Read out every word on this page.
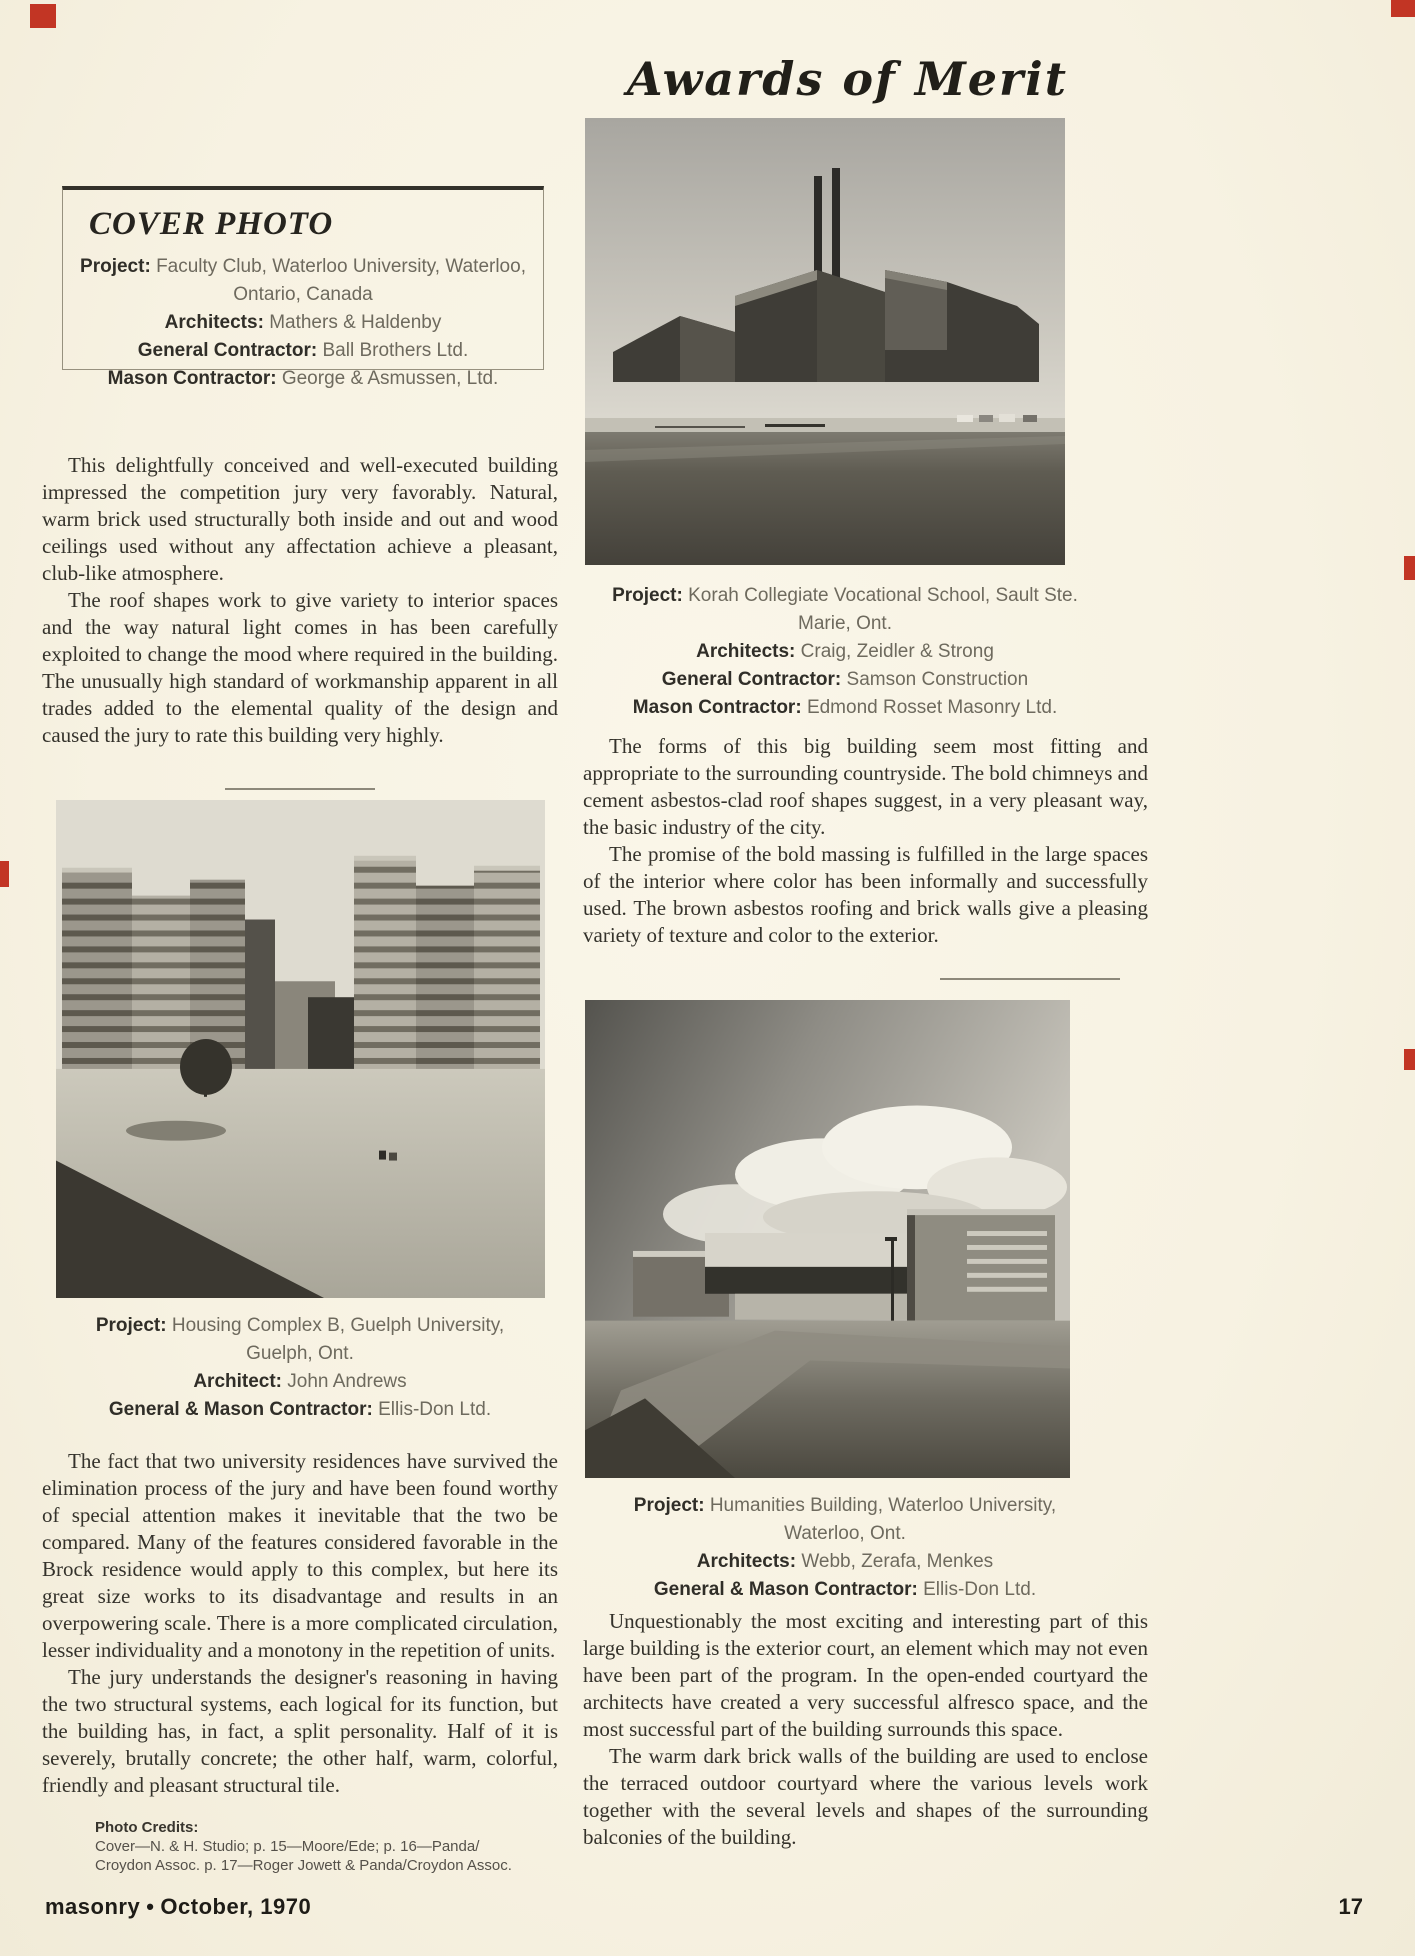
Awards of Merit
COVER PHOTO
Project: Faculty Club, Waterloo University, Waterloo, Ontario, Canada
Architects: Mathers & Haldenby
General Contractor: Ball Brothers Ltd.
Mason Contractor: George & Asmussen, Ltd.

This delightfully conceived and well-executed building impressed the competition jury very favorably. Natural, warm brick used structurally both inside and out and wood ceilings used without any affectation achieve a pleasant, club-like atmosphere.

The roof shapes work to give variety to interior spaces and the way natural light comes in has been carefully exploited to change the mood where required in the building. The unusually high standard of workmanship apparent in all trades added to the elemental quality of the design and caused the jury to rate this building very highly.

Project: Housing Complex B, Guelph University, Guelph, Ont.
Architect: John Andrews
General & Mason Contractor: Ellis-Don Ltd.

The fact that two university residences have survived the elimination process of the jury and have been found worthy of special attention makes it inevitable that the two be compared. Many of the features considered favorable in the Brock residence would apply to this complex, but here its great size works to its disadvantage and results in an overpowering scale. There is a more complicated circulation, lesser individuality and a monotony in the repetition of units.

The jury understands the designer's reasoning in having the two structural systems, each logical for its function, but the building has, in fact, a split personality. Half of it is severely, brutally concrete; the other half, warm, colorful, friendly and pleasant structural tile.

Photo Credits:
Cover—N. & H. Studio; p. 15—Moore/Ede; p. 16—Panda/
Croydon Assoc. p. 17—Roger Jowett & Panda/Croydon Assoc.
Project: Korah Collegiate Vocational School, Sault Ste. Marie, Ont.
Architects: Craig, Zeidler & Strong
General Contractor: Samson Construction
Mason Contractor: Edmond Rosset Masonry Ltd.

The forms of this big building seem most fitting and appropriate to the surrounding countryside. The bold chimneys and cement asbestos-clad roof shapes suggest, in a very pleasant way, the basic industry of the city.

The promise of the bold massing is fulfilled in the large spaces of the interior where color has been informally and successfully used. The brown asbestos roofing and brick walls give a pleasing variety of texture and color to the exterior.

Project: Humanities Building, Waterloo University, Waterloo, Ont.
Architects: Webb, Zerafa, Menkes
General & Mason Contractor: Ellis-Don Ltd.

Unquestionably the most exciting and interesting part of this large building is the exterior court, an element which may not even have been part of the program. In the open-ended courtyard the architects have created a very successful alfresco space, and the most successful part of the building surrounds this space.

The warm dark brick walls of the building are used to enclose the terraced outdoor courtyard where the various levels work together with the several levels and shapes of the surrounding balconies of the building.

masonry • October, 1970	17
